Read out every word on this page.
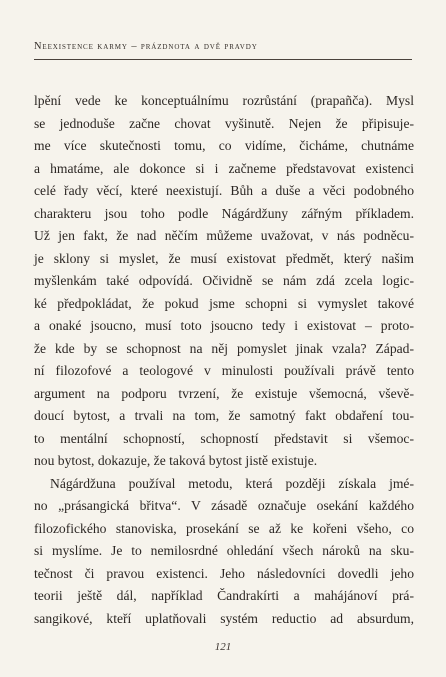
Neexistence karmy – prázdnota a dvě pravdy
lpění vede ke konceptuálnímu rozrůstání (prapañča). Mysl
se jednoduše začne chovat vyšinutě. Nejen že připisuje-
me více skutečnosti tomu, co vidíme, čicháme, chutnáme
a hmatáme, ale dokonce si i začneme představovat existenci
celé řady věcí, které neexistují. Bůh a duše a věci podobného
charakteru jsou toho podle Nágárdžuny zářným příkladem.
Už jen fakt, že nad něčím můžeme uvažovat, v nás podněcu-
je sklony si myslet, že musí existovat předmět, který našim
myšlenkám také odpovídá. Očividně se nám zdá zcela logic-
ké předpokládat, že pokud jsme schopni si vymyslet takové
a onaké jsoucno, musí toto jsoucno tedy i existovat – proto-
že kde by se schopnost na něj pomyslet jinak vzala? Západ-
ní filozofové a teologové v minulosti používali právě tento
argument na podporu tvrzení, že existuje všemocná, vševě-
doucí bytost, a trvali na tom, že samotný fakt obdaření tou-
to mentální schopností, schopností představit si všemoc-
nou bytost, dokazuje, že taková bytost jistě existuje.
Nágárdžuna používal metodu, která později získala jmé-
no „prásangická břitva“. V zásadě označuje osekání každého
filozofického stanoviska, prosekání se až ke kořeni všeho, co
si myslíme. Je to nemilosrdné ohledání všech nároků na sku-
tečnost či pravou existenci. Jeho následovníci dovedli jeho
teorii ještě dál, například Čandrakírti a mahájánoví prá-
sangikové, kteří uplatňovali systém reductio ad absurdum,
121
